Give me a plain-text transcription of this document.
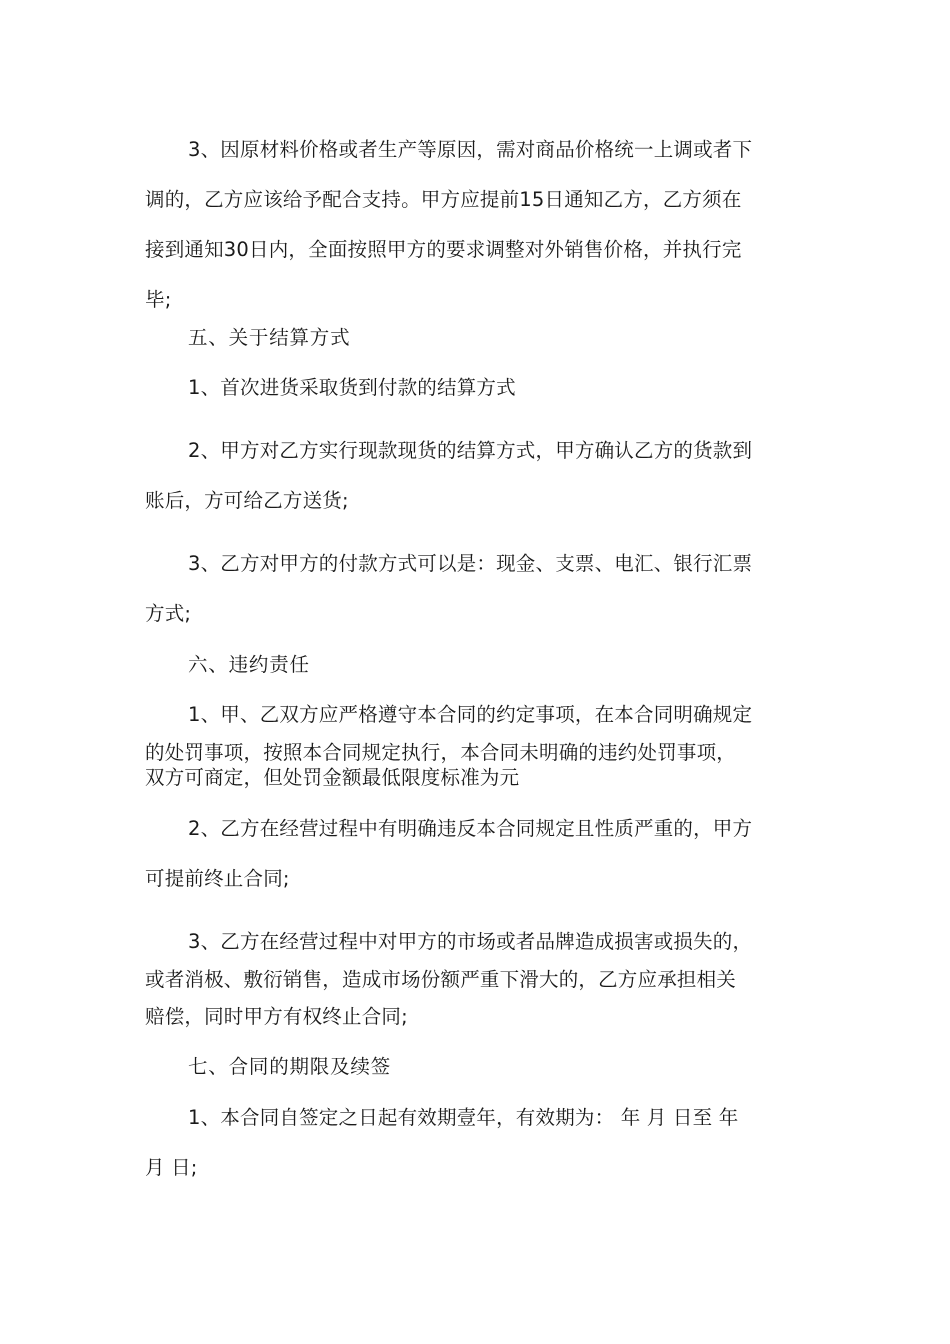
3、因原材料价格或者生产等原因，需对商品价格统一上调或者下
调的，乙方应该给予配合支持。甲方应提前15日通知乙方，乙方须在
接到通知30日内，全面按照甲方的要求调整对外销售价格，并执行完
毕;
五、关于结算方式
1、首次进货采取货到付款的结算方式
2、甲方对乙方实行现款现货的结算方式，甲方确认乙方的货款到
账后，方可给乙方送货;
3、乙方对甲方的付款方式可以是：现金、支票、电汇、银行汇票
方式;
六、违约责任
1、甲、乙双方应严格遵守本合同的约定事项，在本合同明确规定
的处罚事项，按照本合同规定执行，本合同未明确的违约处罚事项，
双方可商定，但处罚金额最低限度标准为元
2、乙方在经营过程中有明确违反本合同规定且性质严重的，甲方
可提前终止合同;
3、乙方在经营过程中对甲方的市场或者品牌造成损害或损失的，
或者消极、敷衍销售，造成市场份额严重下滑大的，乙方应承担相关
赔偿，同时甲方有权终止合同;
七、合同的期限及续签
1、本合同自签定之日起有效期壹年，有效期为： 年 月 日至 年
月 日;
